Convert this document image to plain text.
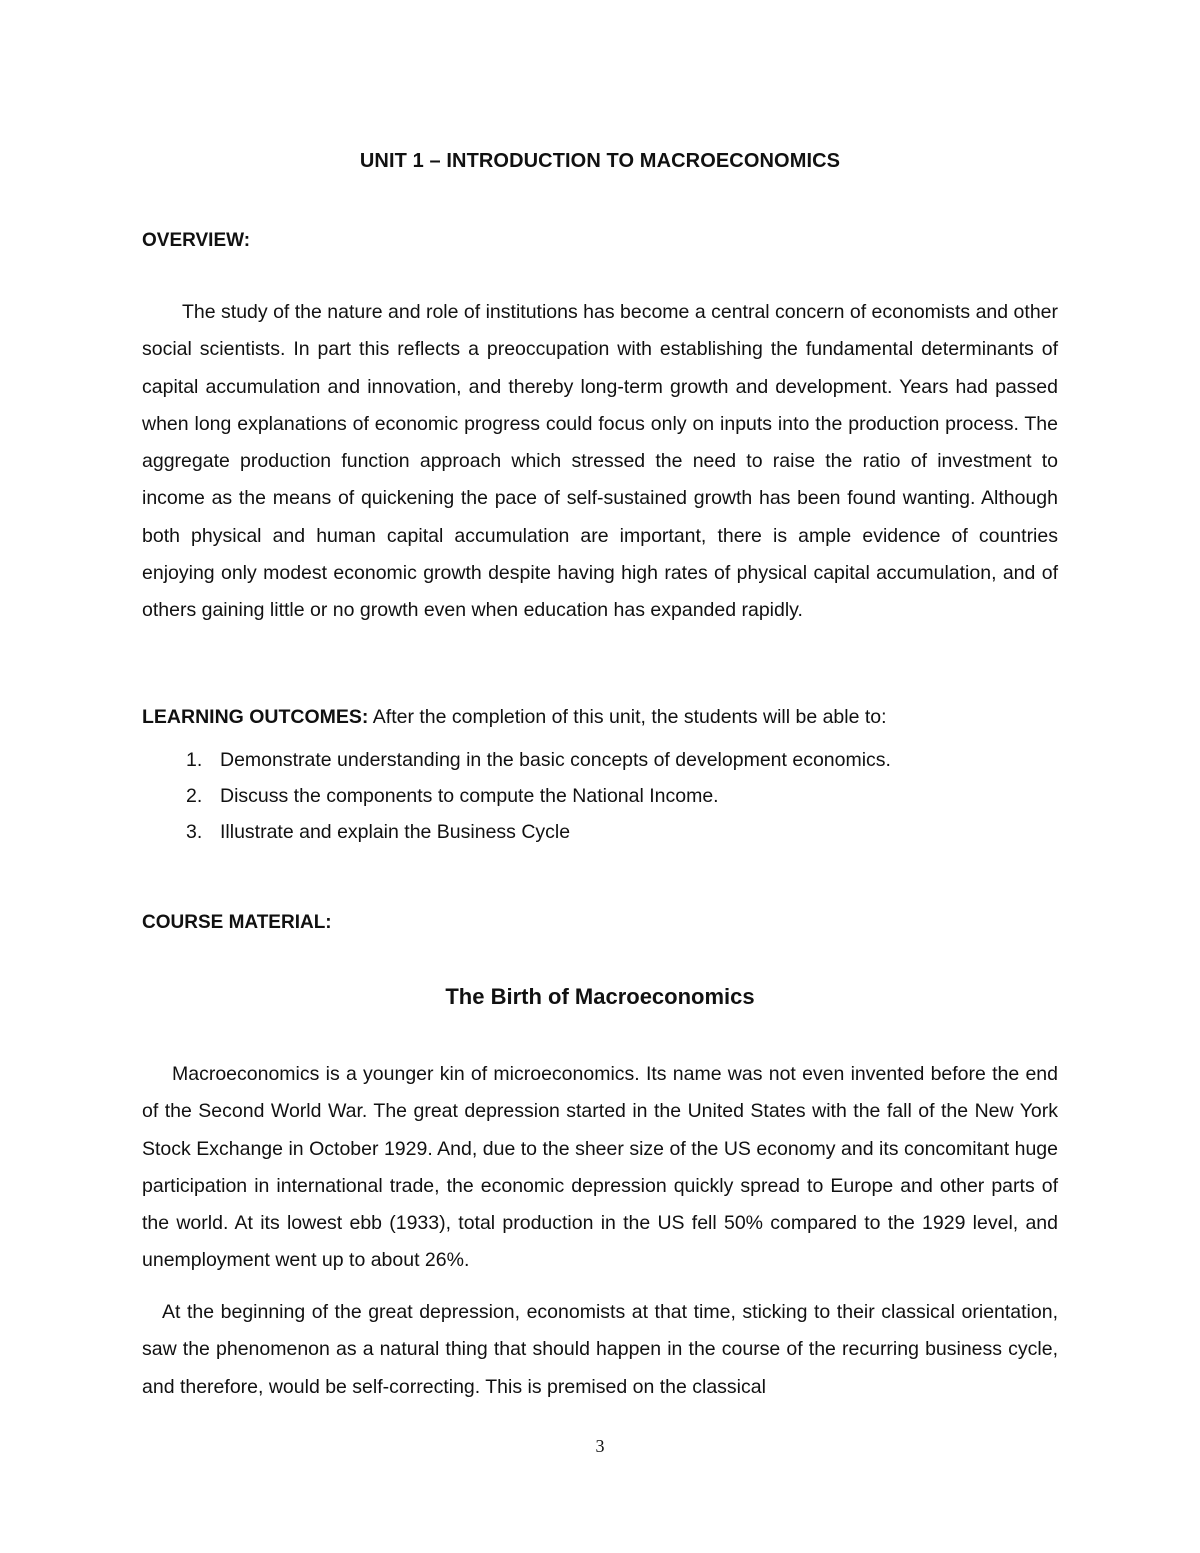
UNIT 1 – INTRODUCTION TO MACROECONOMICS
OVERVIEW:

The study of the nature and role of institutions has become a central concern of economists and other social scientists. In part this reflects a preoccupation with establishing the fundamental determinants of capital accumulation and innovation, and thereby long-term growth and development. Years had passed when long explanations of economic progress could focus only on inputs into the production process. The aggregate production function approach which stressed the need to raise the ratio of investment to income as the means of quickening the pace of self-sustained growth has been found wanting. Although both physical and human capital accumulation are important, there is ample evidence of countries enjoying only modest economic growth despite having high rates of physical capital accumulation, and of others gaining little or no growth even when education has expanded rapidly.

LEARNING OUTCOMES: After the completion of this unit, the students will be able to:
1. Demonstrate understanding in the basic concepts of development economics.
2. Discuss the components to compute the National Income.
3. Illustrate and explain the Business Cycle
COURSE MATERIAL:
The Birth of Macroeconomics

Macroeconomics is a younger kin of microeconomics. Its name was not even invented before the end of the Second World War. The great depression started in the United States with the fall of the New York Stock Exchange in October 1929. And, due to the sheer size of the US economy and its concomitant huge participation in international trade, the economic depression quickly spread to Europe and other parts of the world. At its lowest ebb (1933), total production in the US fell 50% compared to the 1929 level, and unemployment went up to about 26%.

At the beginning of the great depression, economists at that time, sticking to their classical orientation, saw the phenomenon as a natural thing that should happen in the course of the recurring business cycle, and therefore, would be self-correcting. This is premised on the classical

3
